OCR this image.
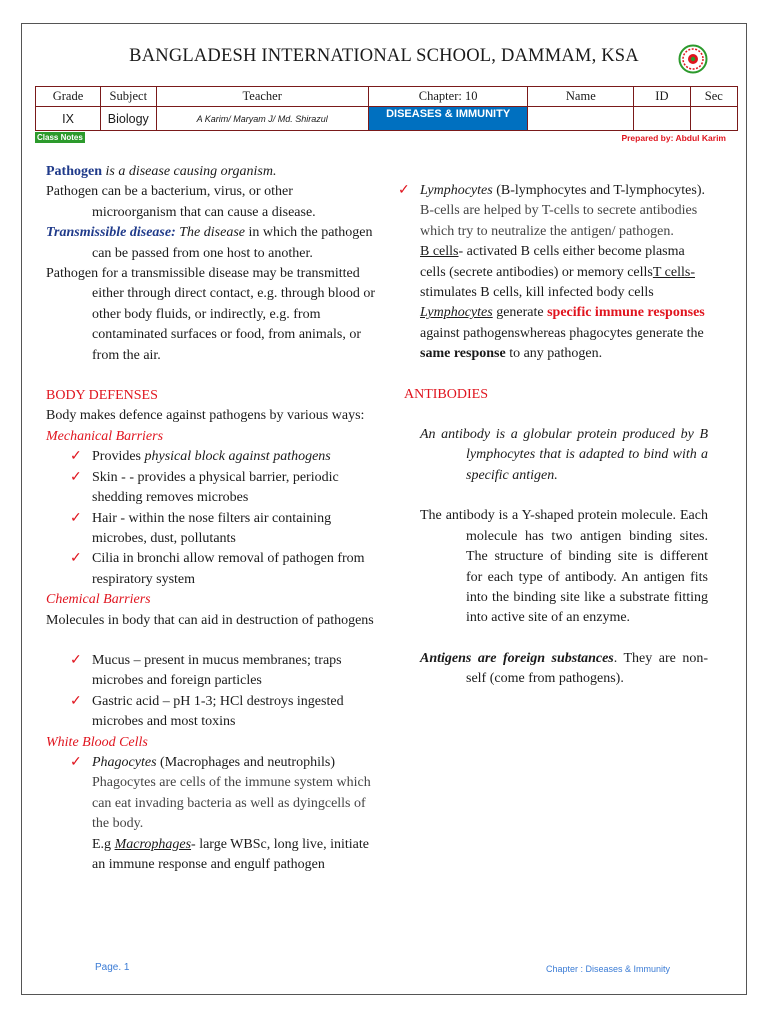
BANGLADESH INTERNATIONAL SCHOOL, DAMMAM, KSA
Grade	Subject	Teacher	Chapter: 10	Name	ID	Sec
IX	Biology	A Karim/ Maryam J/ Md. Shirazul	DISEASES & IMMUNITY			
Class Notes	Prepared by: Abdul Karim

Pathogen is a disease causing organism.

Pathogen can be a bacterium, virus, or other microorganism that can cause a disease.

Transmissible disease: The disease in which the pathogen can be passed from one host to another.

Pathogen for a transmissible disease may be transmitted either through direct contact, e.g. through blood or other body fluids, or indirectly, e.g. from contaminated surfaces or food, from animals, or from the air.

BODY DEFENSES

Body makes defence against pathogens by various ways:

Mechanical Barriers

✓ Provides physical block against pathogens

✓ Skin - - provides a physical barrier, periodic shedding removes microbes

✓ Hair - within the nose filters air containing microbes, dust, pollutants

✓ Cilia in bronchi allow removal of pathogen from respiratory system

Chemical Barriers

Molecules in body that can aid in destruction of pathogens

✓ Mucus – present in mucus membranes; traps microbes and foreign particles

✓ Gastric acid – pH 1-3; HCl destroys ingested microbes and most toxins

White Blood Cells

✓ Phagocytes (Macrophages and neutrophils)

Phagocytes are cells of the immune system which can eat invading bacteria as well as dyingcells of the body.

E.g Macrophages- large WBSc, long live, initiate an immune response and engulf pathogen

✓ Lymphocytes (B-lymphocytes and T-lymphocytes).

B-cells are helped by T-cells to secrete antibodies which try to neutralize the antigen/ pathogen.

B cells- activated B cells either become plasma cells (secrete antibodies) or memory cellsT cells- stimulates B cells, kill infected body cells

Lymphocytes generate specific immune responses against pathogenswhereas phagocytes generate the same response to any pathogen.

ANTIBODIES

An antibody is a globular protein produced by B lymphocytes that is adapted to bind with a specific antigen.

The antibody is a Y-shaped protein molecule. Each molecule has two antigen binding sites. The structure of binding site is different for each type of antibody. An antigen fits into the binding site like a substrate fitting into active site of an enzyme.

Antigens are foreign substances. They are non-self (come from pathogens).

Page. 1	Chapter : Diseases & Immunity
